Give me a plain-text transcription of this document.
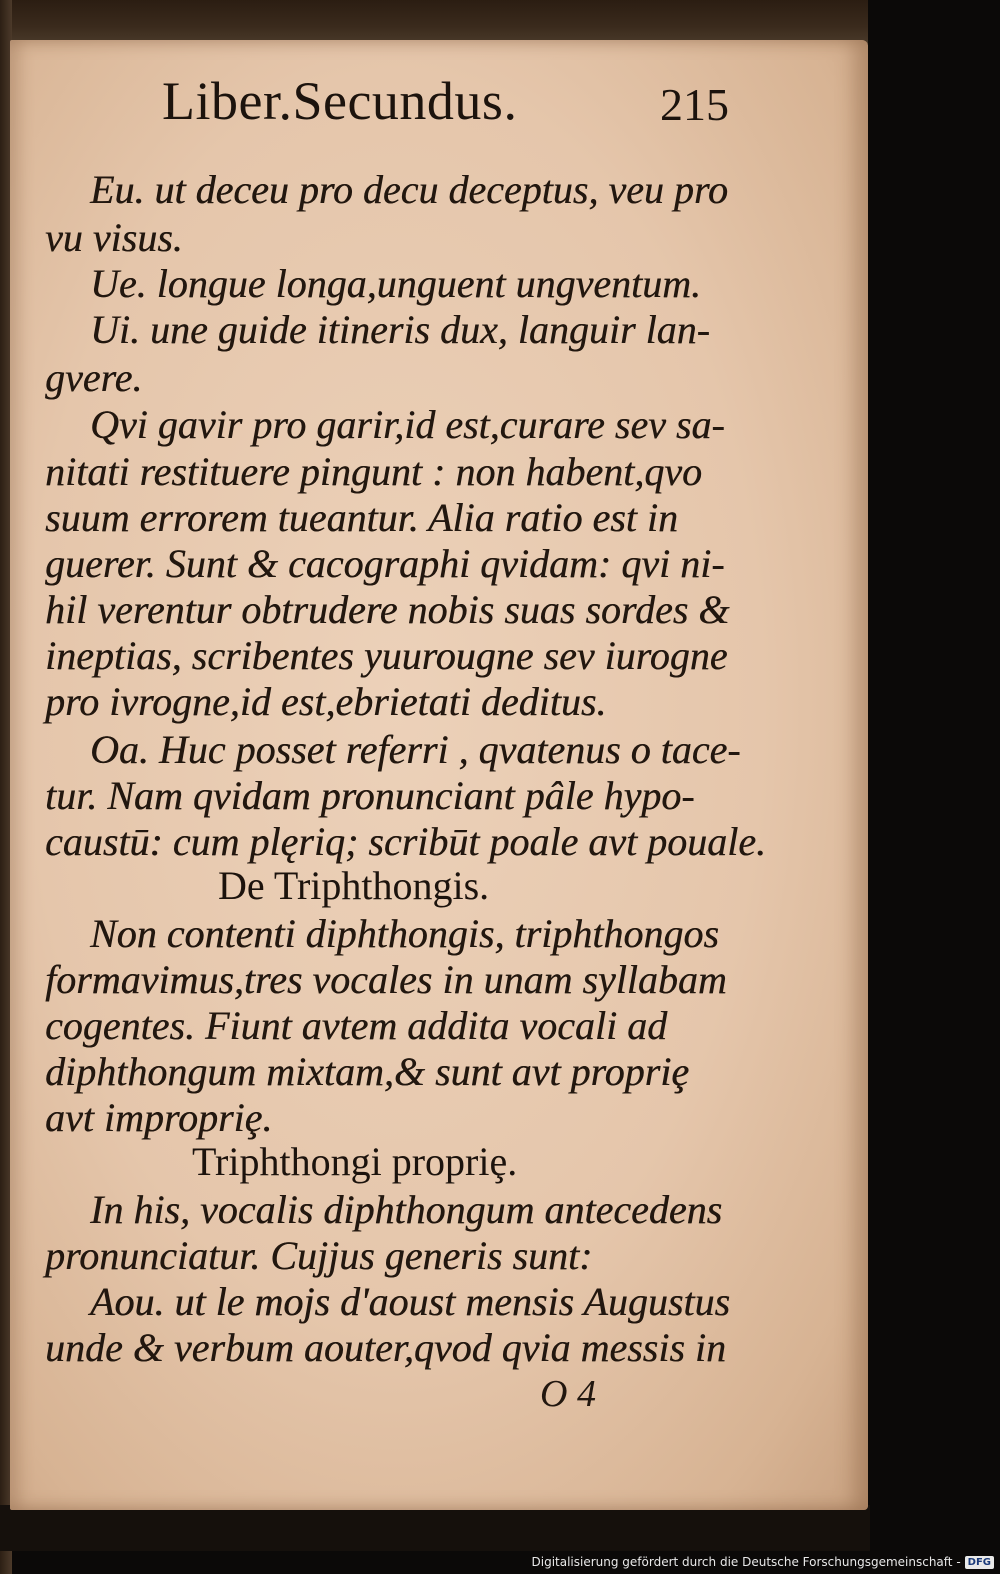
Liber.Secundus.	215
Eu. ut deceu pro decu deceptus, veu pro
vu visus.
Ue. longue longa,unguent ungventum.
Ui. une guide itineris dux, languir lan-
gvere.
Qvi gavir pro garir,id est,curare sev sa-
nitati restituere pingunt : non habent,qvo
suum errorem tueantur. Alia ratio est in
guerer. Sunt & cacographi qvidam: qvi ni-
hil verentur obtrudere nobis suas sordes &
ineptias, scribentes yuurougne sev iurogne
pro ivrogne,id est,ebrietati deditus.
Oa. Huc posset referri , qvatenus o tace-
tur. Nam qvidam pronunciant pâle hypo-
caustū: cum plęriq; scribūt poale avt pouale.
De Triphthongis.
Non contenti diphthongis, triphthongos
formavimus,tres vocales in unam syllabam
cogentes. Fiunt avtem addita vocali ad
diphthongum mixtam,& sunt avt propriȩ
avt impropriȩ.
Triphthongi propriȩ.
In his, vocalis diphthongum antecedens
pronunciatur. Cujjus generis sunt:
Aou. ut le mojs d'aoust mensis Augustus
unde & verbum aouter,qvod qvia messis in
O 4
Digitalisierung gefördert durch die Deutsche Forschungsgemeinschaft - DFG
